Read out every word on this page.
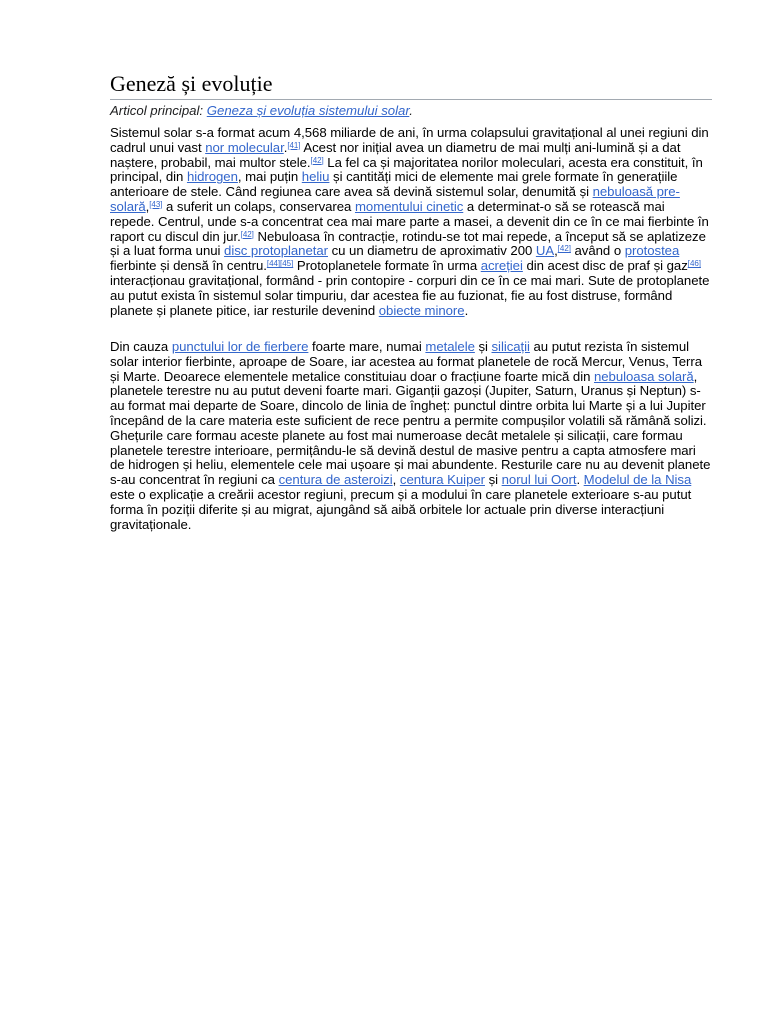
Geneză și evoluție

Articol principal: Geneza și evoluția sistemului solar.

Sistemul solar s-a format acum 4,568 miliarde de ani, în urma colapsului gravitațional al unei regiuni din cadrul unui vast nor molecular.[41] Acest nor inițial avea un diametru de mai mulți ani-lumină și a dat naștere, probabil, mai multor stele.[42] La fel ca și majoritatea norilor moleculari, acesta era constituit, în principal, din hidrogen, mai puțin heliu și cantități mici de elemente mai grele formate în generațiile anterioare de stele. Când regiunea care avea să devină sistemul solar, denumită și nebuloasă pre-solară,[43] a suferit un colaps, conservarea momentului cinetic a determinat-o să se rotească mai repede. Centrul, unde s-a concentrat cea mai mare parte a masei, a devenit din ce în ce mai fierbinte în raport cu discul din jur.[42] Nebuloasa în contracție, rotindu-se tot mai repede, a început să se aplatizeze și a luat forma unui disc protoplanetar cu un diametru de aproximativ 200 UA,[42] având o protostea fierbinte și densă în centru.[44][45] Protoplanetele formate în urma acreției din acest disc de praf și gaz[46] interacționau gravitațional, formând - prin contopire - corpuri din ce în ce mai mari. Sute de protoplanete au putut exista în sistemul solar timpuriu, dar acestea fie au fuzionat, fie au fost distruse, formând planete și planete pitice, iar resturile devenind obiecte minore.

Din cauza punctului lor de fierbere foarte mare, numai metalele și silicații au putut rezista în sistemul solar interior fierbinte, aproape de Soare, iar acestea au format planetele de rocă Mercur, Venus, Terra și Marte. Deoarece elementele metalice constituiau doar o fracțiune foarte mică din nebuloasa solară, planetele terestre nu au putut deveni foarte mari. Giganții gazoși (Jupiter, Saturn, Uranus și Neptun) s-au format mai departe de Soare, dincolo de linia de îngheț: punctul dintre orbita lui Marte și a lui Jupiter începând de la care materia este suficient de rece pentru a permite compușilor volatili să rămână solizi. Ghețurile care formau aceste planete au fost mai numeroase decât metalele și silicații, care formau planetele terestre interioare, permițându-le să devină destul de masive pentru a capta atmosfere mari de hidrogen și heliu, elementele cele mai ușoare și mai abundente. Resturile care nu au devenit planete s-au concentrat în regiuni ca centura de asteroizi, centura Kuiper și norul lui Oort. Modelul de la Nisa este o explicație a creării acestor regiuni, precum și a modului în care planetele exterioare s-au putut forma în poziții diferite și au migrat, ajungând să aibă orbitele lor actuale prin diverse interacțiuni gravitaționale.
